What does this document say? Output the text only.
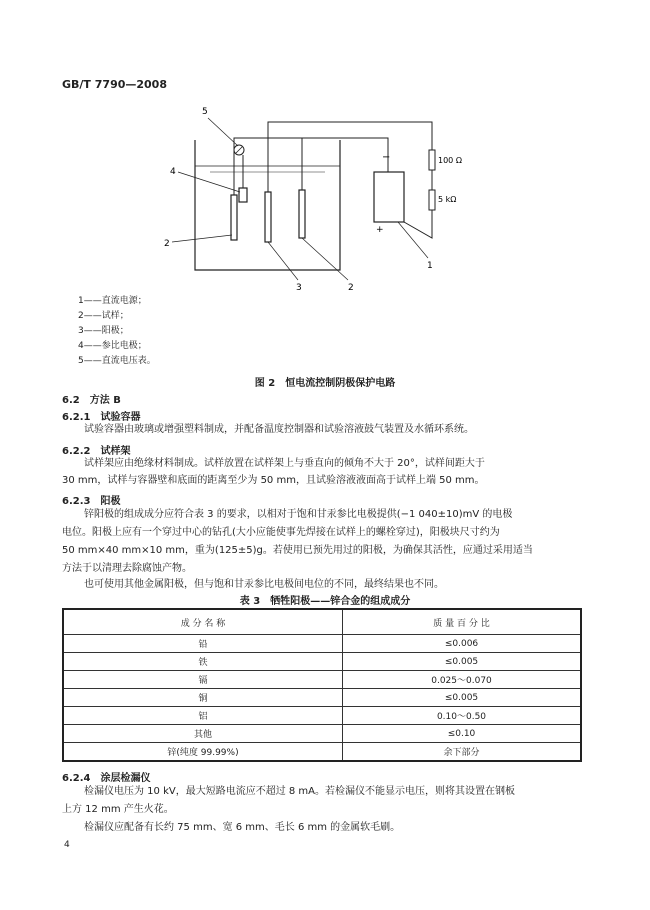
GB/T 7790—2008
5
4
2
3	2
1
−
+
100 Ω
5 kΩ
1——直流电源；
2——试样；
3——阳极；
4——参比电极；
5——直流电压表。
图 2　恒电流控制阴极保护电路
6.2　方法 B
6.2.1　试验容器
试验容器由玻璃或增强塑料制成，并配备温度控制器和试验溶液鼓气装置及水循环系统。
6.2.2　试样架
试样架应由绝缘材料制成。试样放置在试样架上与垂直向的倾角不大于 20°，试样间距大于
30 mm，试样与容器壁和底面的距离至少为 50 mm，且试验溶液液面高于试样上端 50 mm。
6.2.3　阳极
锌阳极的组成成分应符合表 3 的要求，以相对于饱和甘汞参比电极提供(−1 040±10)mV 的电极
电位。阳极上应有一个穿过中心的钻孔(大小应能使事先焊接在试样上的螺栓穿过)，阳极块尺寸约为
50 mm×40 mm×10 mm，重为(125±5)g。若使用已预先用过的阳极，为确保其活性，应通过采用适当
方法于以清理去除腐蚀产物。
也可使用其他金属阳极，但与饱和甘汞参比电极间电位的不同，最终结果也不同。
表 3　牺牲阳极——锌合金的组成成分
成 分 名 称	质 量 百 分 比
铅	≤0.006
铁	≤0.005
镉	0.025～0.070
铜	≤0.005
铝	0.10～0.50
其他	≤0.10
锌(纯度 99.99%)	余下部分
6.2.4　涂层检漏仪
检漏仪电压为 10 kV，最大短路电流应不超过 8 mA。若检漏仪不能显示电压，则将其设置在钢板
上方 12 mm 产生火花。
检漏仪应配备有长约 75 mm、宽 6 mm、毛长 6 mm 的金属软毛刷。
4
